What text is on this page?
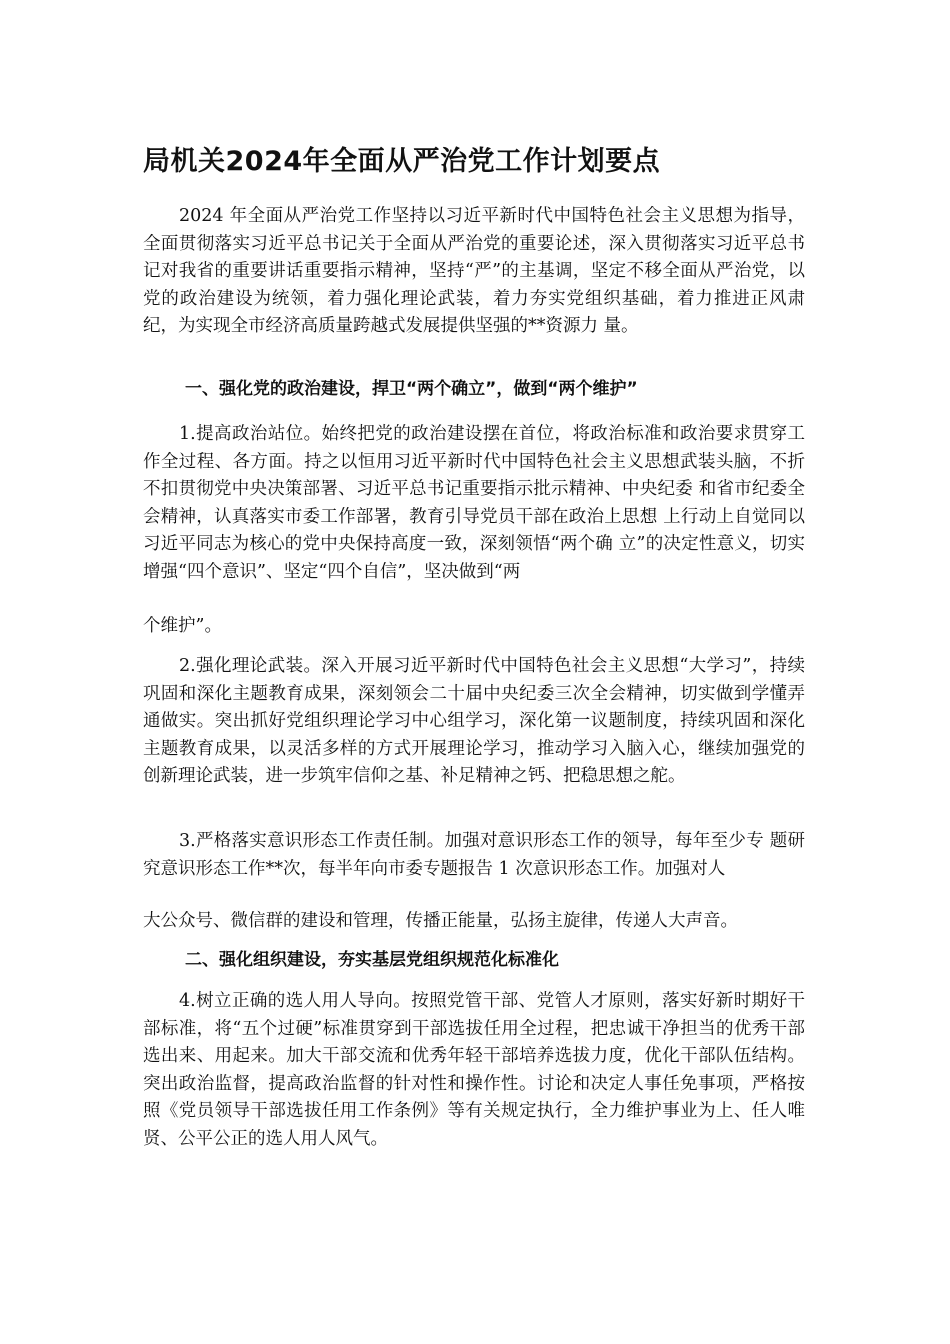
局机关2024年全面从严治党工作计划要点
2024 年全面从严治党工作坚持以习近平新时代中国特色社会主义思想为指导，全面贯彻落实习近平总书记关于全面从严治党的重要论述，深入贯彻落实习近平总书记对我省的重要讲话重要指示精神，坚持“严”的主基调，坚定不移全面从严治党，以党的政治建设为统领，着力强化理论武装，着力夯实党组织基础，着力推进正风肃纪，为实现全市经济高质量跨越式发展提供坚强的**资源力 量。
一、强化党的政治建设，捍卫“两个确立”，做到“两个维护”
1.提高政治站位。始终把党的政治建设摆在首位，将政治标准和政治要求贯穿工作全过程、各方面。持之以恒用习近平新时代中国特色社会主义思想武装头脑，不折不扣贯彻党中央决策部署、习近平总书记重要指示批示精神、中央纪委 和省市纪委全会精神，认真落实市委工作部署，教育引导党员干部在政治上思想 上行动上自觉同以习近平同志为核心的党中央保持高度一致，深刻领悟“两个确 立”的决定性意义，切实增强“四个意识”、坚定“四个自信”，坚决做到“两
个维护”。
2.强化理论武装。深入开展习近平新时代中国特色社会主义思想“大学习”，持续巩固和深化主题教育成果，深刻领会二十届中央纪委三次全会精神，切实做到学懂弄通做实。突出抓好党组织理论学习中心组学习，深化第一议题制度，持续巩固和深化主题教育成果，以灵活多样的方式开展理论学习，推动学习入脑入心，继续加强党的创新理论武装，进一步筑牢信仰之基、补足精神之钙、把稳思想之舵。
3.严格落实意识形态工作责任制。加强对意识形态工作的领导，每年至少专 题研究意识形态工作**次，每半年向市委专题报告 1 次意识形态工作。加强对人
大公众号、微信群的建设和管理，传播正能量，弘扬主旋律，传递人大声音。
二、强化组织建设，夯实基层党组织规范化标准化
4.树立正确的选人用人导向。按照党管干部、党管人才原则，落实好新时期好干部标准，将“五个过硬”标准贯穿到干部选拔任用全过程，把忠诚干净担当的优秀干部选出来、用起来。加大干部交流和优秀年轻干部培养选拔力度，优化干部队伍结构。突出政治监督，提高政治监督的针对性和操作性。讨论和决定人事任免事项，严格按照《党员领导干部选拔任用工作条例》等有关规定执行，全力维护事业为上、任人唯贤、公平公正的选人用人风气。
